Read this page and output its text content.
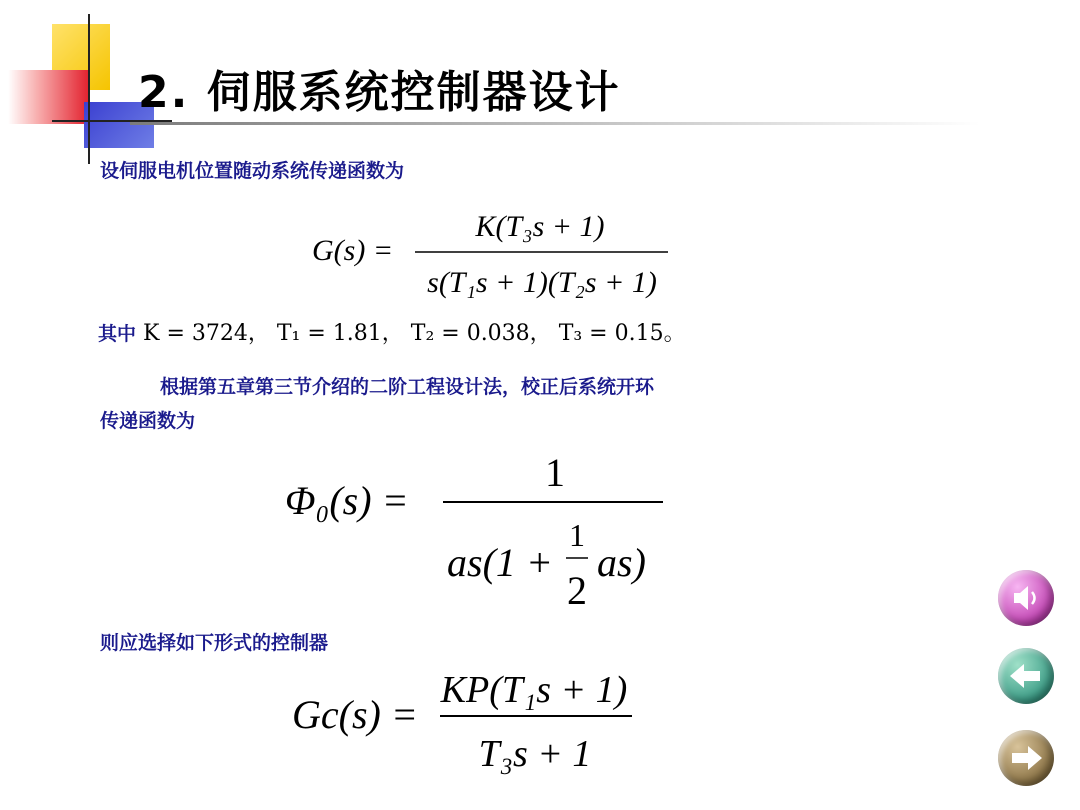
2. 伺服系统控制器设计
设伺服电机位置随动系统传递函数为
G(s) =
K(T₃s + 1)
s(T₁s + 1)(T₂s + 1)
其中 K = 3724， T₁ = 1.81， T₂ = 0.038， T₃ = 0.15。
根据第五章第三节介绍的二阶工程设计法，校正后系统开环
传递函数为
Φ₀(s) =
1
as(1 +
1
2
as)
则应选择如下形式的控制器
Gc(s) =
KP(T₁s + 1)
T₃s + 1
